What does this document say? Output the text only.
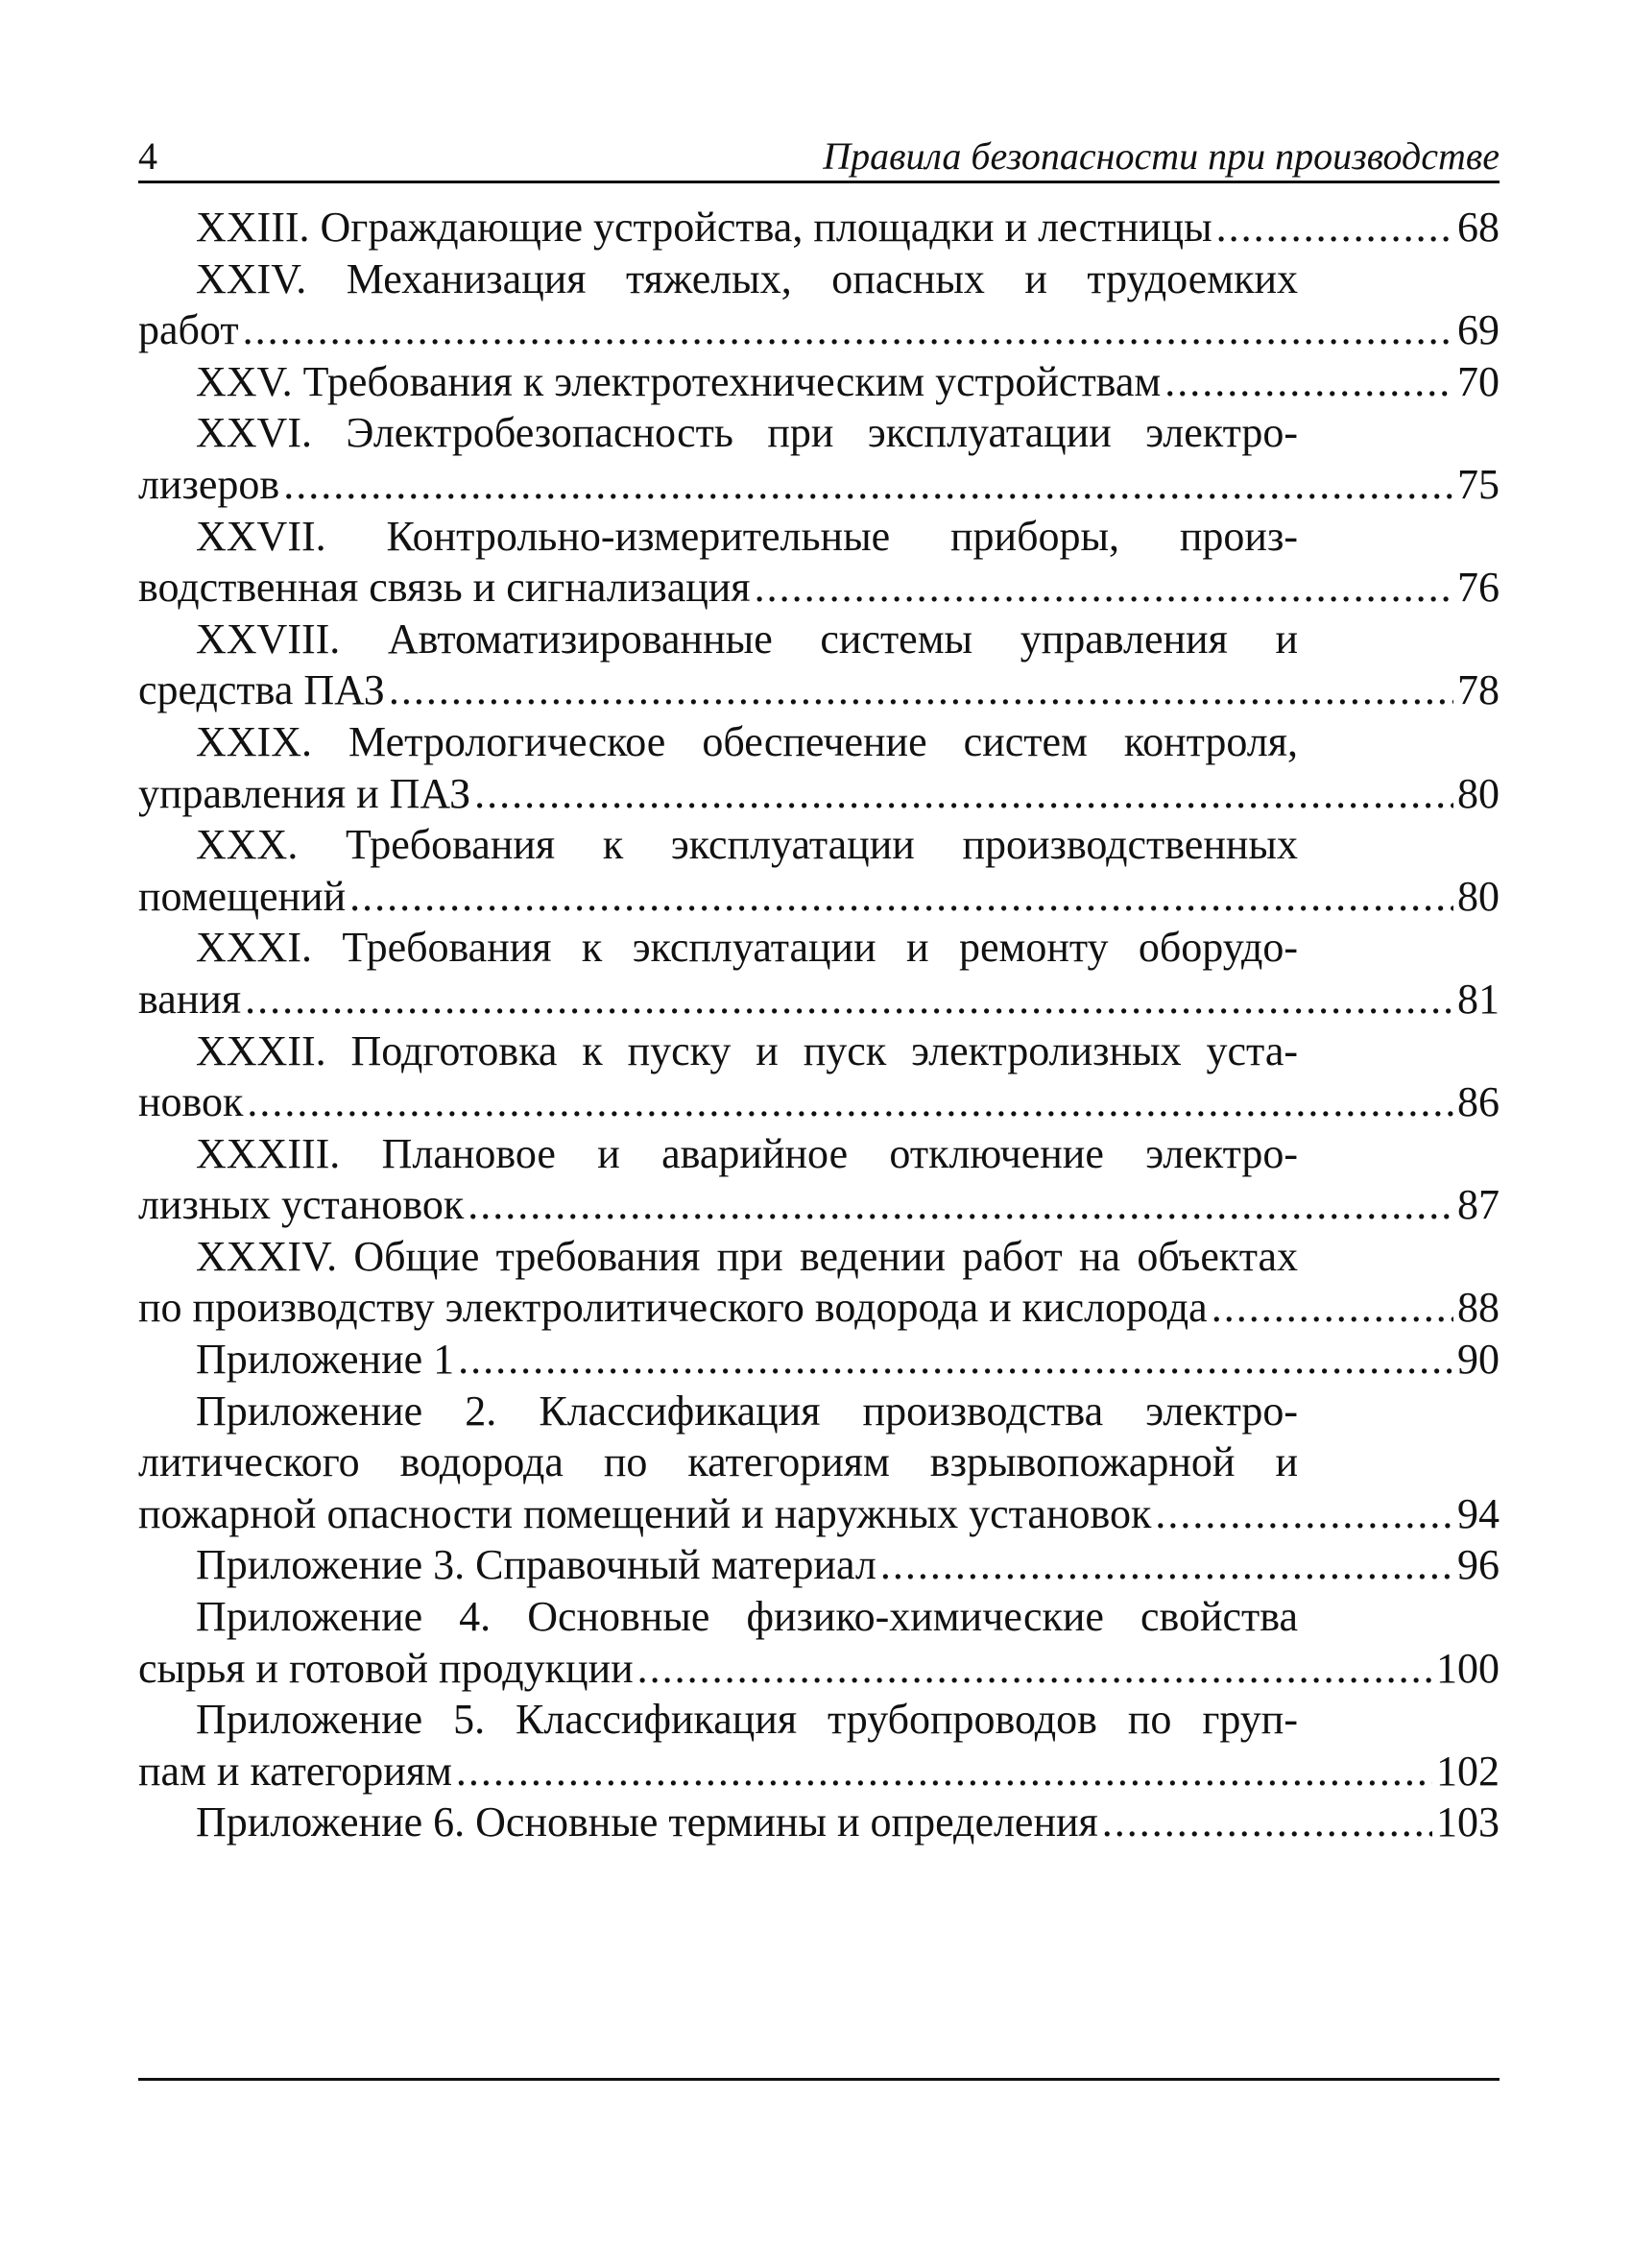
4	Правила безопасности при производстве
XXIII. Ограждающие устройства, площадки и лестницы .....	68
XXIV. Механизация тяжелых, опасных и трудоемких
работ .....	69
XXV. Требования к электротехническим устройствам .....	70
XXVI. Электробезопасность при эксплуатации электро-
лизеров .....	75
XXVII. Контрольно-измерительные приборы, произ-
водственная связь и сигнализация .....	76
XXVIII. Автоматизированные системы управления и
средства ПАЗ .....	78
XXIX. Метрологическое обеспечение систем контроля,
управления и ПАЗ .....	80
XXX. Требования к эксплуатации производственных
помещений .....	80
XXXI. Требования к эксплуатации и ремонту оборудо-
вания .....	81
XXXII. Подготовка к пуску и пуск электролизных уста-
новок .....	86
XXXIII. Плановое и аварийное отключение электро-
лизных установок .....	87
XXXIV. Общие требования при ведении работ на объектах
по производству электролитического водорода и кислорода .....	88
Приложение 1 .....	90
Приложение 2. Классификация производства электро-
литического водорода по категориям взрывопожарной и
пожарной опасности помещений и наружных установок .....	94
Приложение 3. Справочный материал .....	96
Приложение 4. Основные физико-химические свойства
сырья и готовой продукции .....	100
Приложение 5. Классификация трубопроводов по груп-
пам и категориям .....	102
Приложение 6. Основные термины и определения .....	103
